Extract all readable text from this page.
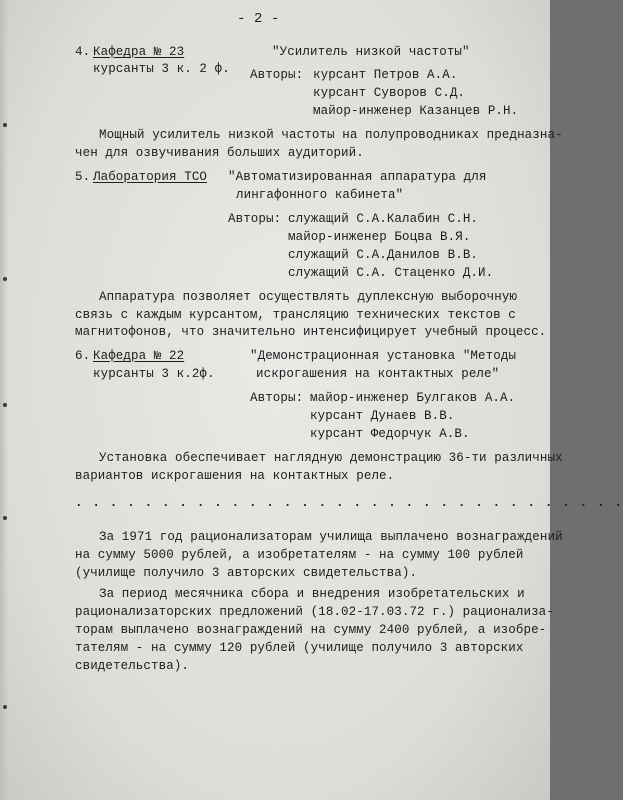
- 2 -
4. Кафедра № 23
курсанты 3 к. 2 ф.
"Усилитель низкой частоты"
Авторы: курсант Петров А.А.
курсант Суворов С.Д.
майор-инженер Казанцев Р.Н.
Мощный усилитель низкой частоты на полупроводниках предназна-
чен для озвучивания больших аудиторий.
5. Лаборатория ТСО "Автоматизированная аппаратура для
лингафонного кабинета"
Авторы: служащий С.А.Калабин С.Н.
майор-инженер Боцва В.Я.
служащий С.А.Данилов В.В.
служащий С.А. Стаценко Д.И.
Аппаратура позволяет осуществлять дуплексную выборочную
связь с каждым курсантом, трансляцию технических текстов с
магнитофонов, что значительно интенсифицирует учебный процесс.
6. Кафедра № 22
курсанты 3 к.2ф.
"Демонстрационная установка "Методы
искрогашения на контактных реле"
Авторы: майор-инженер Булгаков А.А.
курсант Дунаев В.В.
курсант Федорчук А.В.
Установка обеспечивает наглядную демонстрацию 36-ти различных
вариантов искрогашения на контактных реле.
. . . . . . . . . . . . . . . . . . . . . . . . . . . . . . . .
За 1971 год рационализаторам училища выплачено вознаграждений
на сумму 5000 рублей, а изобретателям - на сумму 100 рублей
(училище получило 3 авторских свидетельства).
За период месячника сбора и внедрения изобретательских и
рационализаторских предложений (18.02-17.03.72 г.) рационализа-
торам выплачено вознаграждений на сумму 2400 рублей, а изобре-
тателям - на сумму 120 рублей (училище получило 3 авторских
свидетельства).
